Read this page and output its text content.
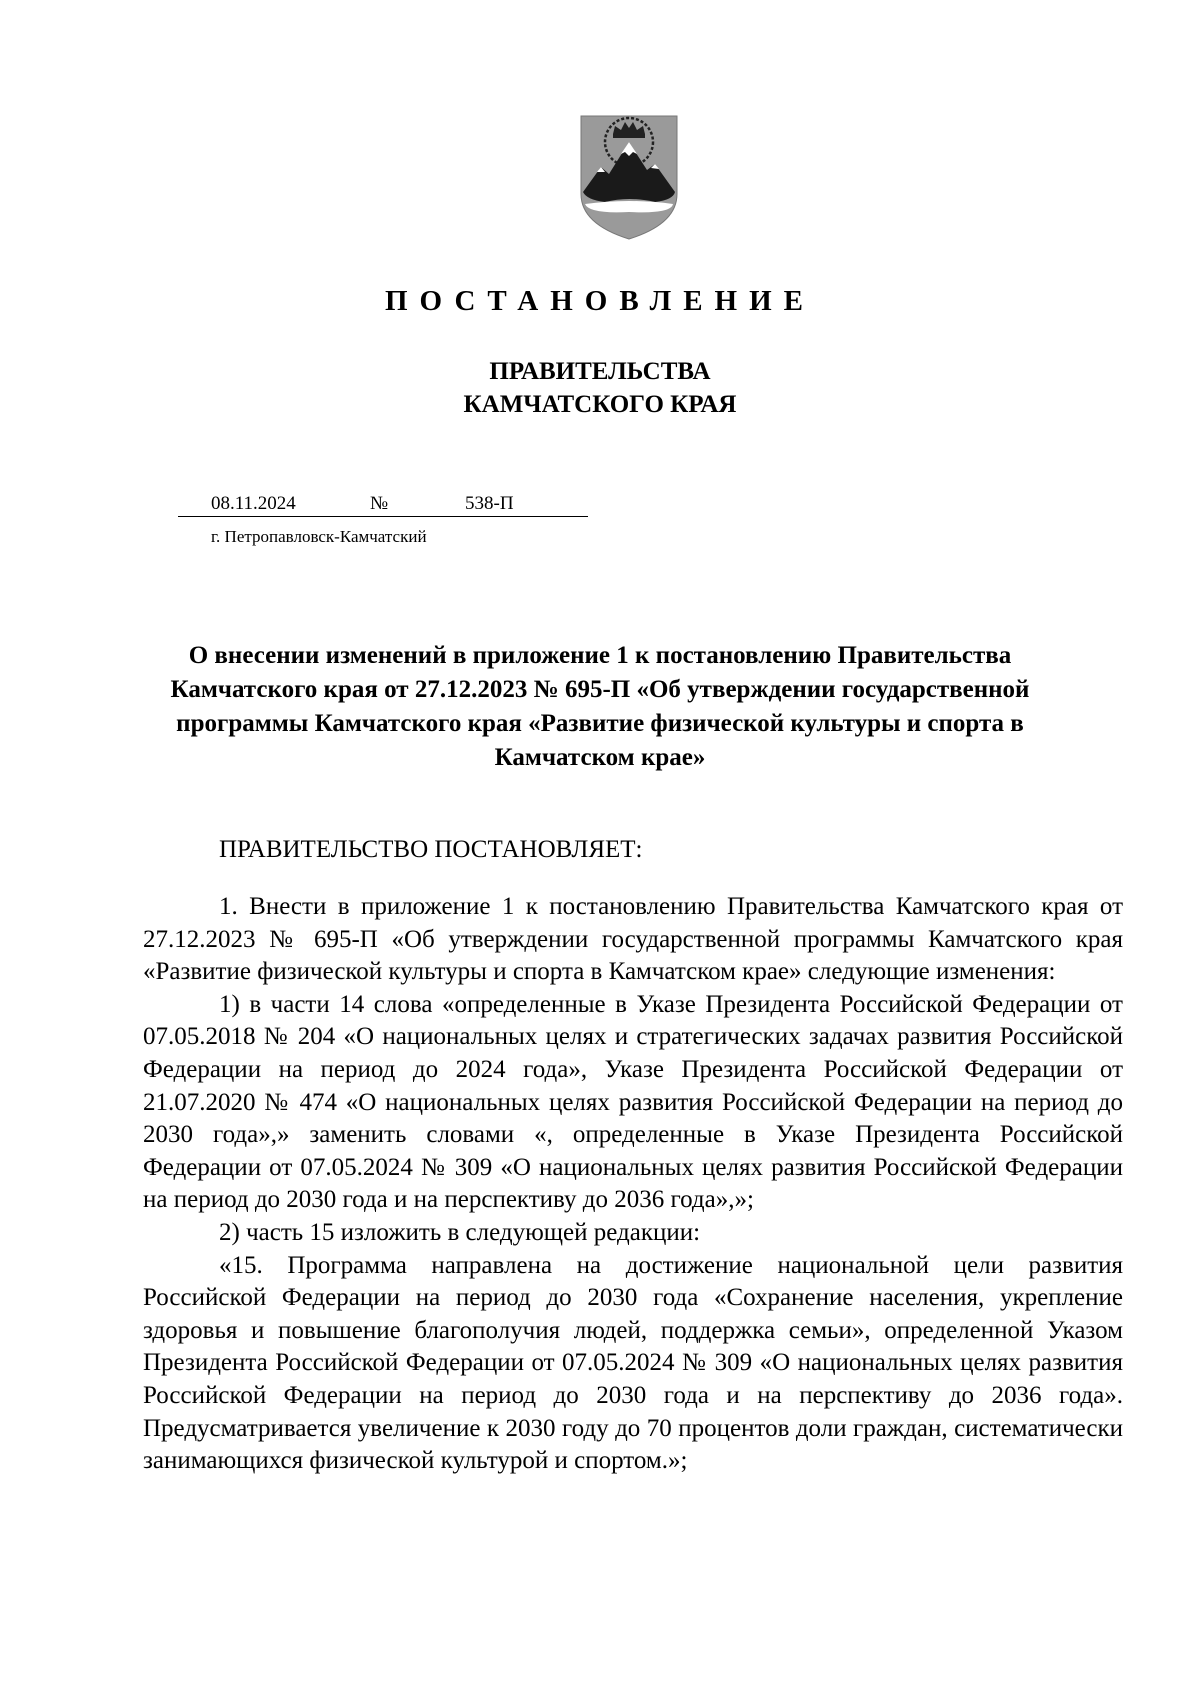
ПОСТАНОВЛЕНИЕ
ПРАВИТЕЛЬСТВА
КАМЧАТСКОГО КРАЯ
08.11.2024	№	538-П
г. Петропавловск-Камчатский
О внесении изменений в приложение 1 к постановлению Правительства Камчатского края от 27.12.2023 № 695-П «Об утверждении государственной программы Камчатского края «Развитие физической культуры и спорта в Камчатском крае»
ПРАВИТЕЛЬСТВО ПОСТАНОВЛЯЕТ:

1. Внести в приложение 1 к постановлению Правительства Камчатского края от 27.12.2023 № 695-П «Об утверждении государственной программы Камчатского края «Развитие физической культуры и спорта в Камчатском крае» следующие изменения:

1) в части 14 слова «определенные в Указе Президента Российской Федерации от 07.05.2018 № 204 «О национальных целях и стратегических задачах развития Российской Федерации на период до 2024 года», Указе Президента Российской Федерации от 21.07.2020 № 474 «О национальных целях развития Российской Федерации на период до 2030 года»,» заменить словами «, определенные в Указе Президента Российской Федерации от 07.05.2024 № 309 «О национальных целях развития Российской Федерации на период до 2030 года и на перспективу до 2036 года»,»;

2) часть 15 изложить в следующей редакции:

«15. Программа направлена на достижение национальной цели развития Российской Федерации на период до 2030 года «Сохранение населения, укрепление здоровья и повышение благополучия людей, поддержка семьи», определенной Указом Президента Российской Федерации от 07.05.2024 № 309 «О национальных целях развития Российской Федерации на период до 2030 года и на перспективу до 2036 года». Предусматривается увеличение к 2030 году до 70 процентов доли граждан, систематически занимающихся физической культурой и спортом.»;
